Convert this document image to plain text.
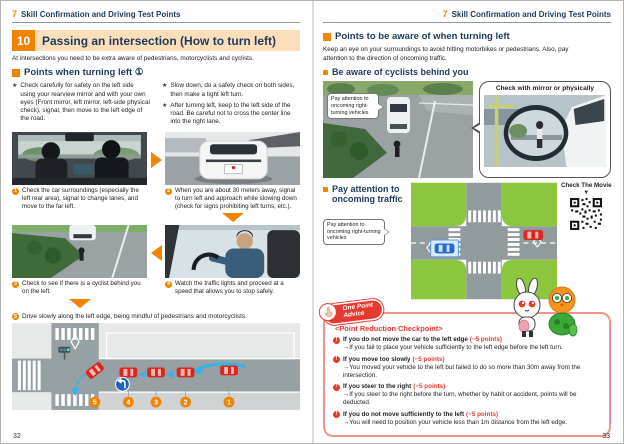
7 Skill Confirmation and Driving Test Points
10 Passing an intersection (How to turn left)
At intersections you need to be extra aware of pedestrians, motorcyclists and cyclists.
Points when turning left ①
★ Check carefully for safety on the left side using your rearview mirror and with your own eyes (Front mirror, left mirror, left-side physical check), signal, then move to the left edge of the road.
★ Slow down, do a safety check on both sides, then make a tight left turn.
★ After turning left, keep to the left side of the road. Be careful not to cross the center line into the right lane.
1 Check the car surroundings (especially the left rear area), signal to change lanes, and move to the far left.
2 When you are about 30 meters away, signal to turn left and approach while slowing down (check for signs prohibiting left turns, etc.).
3 Check to see if there is a cyclist behind you on the left.
4 Watch the traffic lights and proceed at a speed that allows you to stop safely.
5 Drive slowly along the left edge, being mindful of pedestrians and motorcyclists.
5	4	3	2	1
32
7 Skill Confirmation and Driving Test Points
Points to be aware of when turning left
Keep an eye on your surroundings to avoid hitting motorbikes or pedestrians. Also, pay attention to the direction of oncoming traffic.
Be aware of cyclists behind you
Pay attention to oncoming right-turning vehicles
Check with mirror or physically
Pay attention to oncoming traffic
Pay attention to oncoming right-turning vehicles
Check The Movie
▼
One Point
Advice
<Point Reduction Checkpoint>
! If you do not move the car to the left edge (−5 points)
→If you fail to place your vehicle sufficiently to the left edge before the left turn.
! If you move too slowly (−5 points)
→You moved your vehicle to the left but failed to do so more than 30m away from the intersection.
! If you steer to the right (−5 points)
→If you steer to the right before the turn, whether by habit or accident, points will be deducted.
! If you do not move sufficiently to the left (−5 points)
→You will need to position your vehicle less than 1m distance from the left edge.
33
